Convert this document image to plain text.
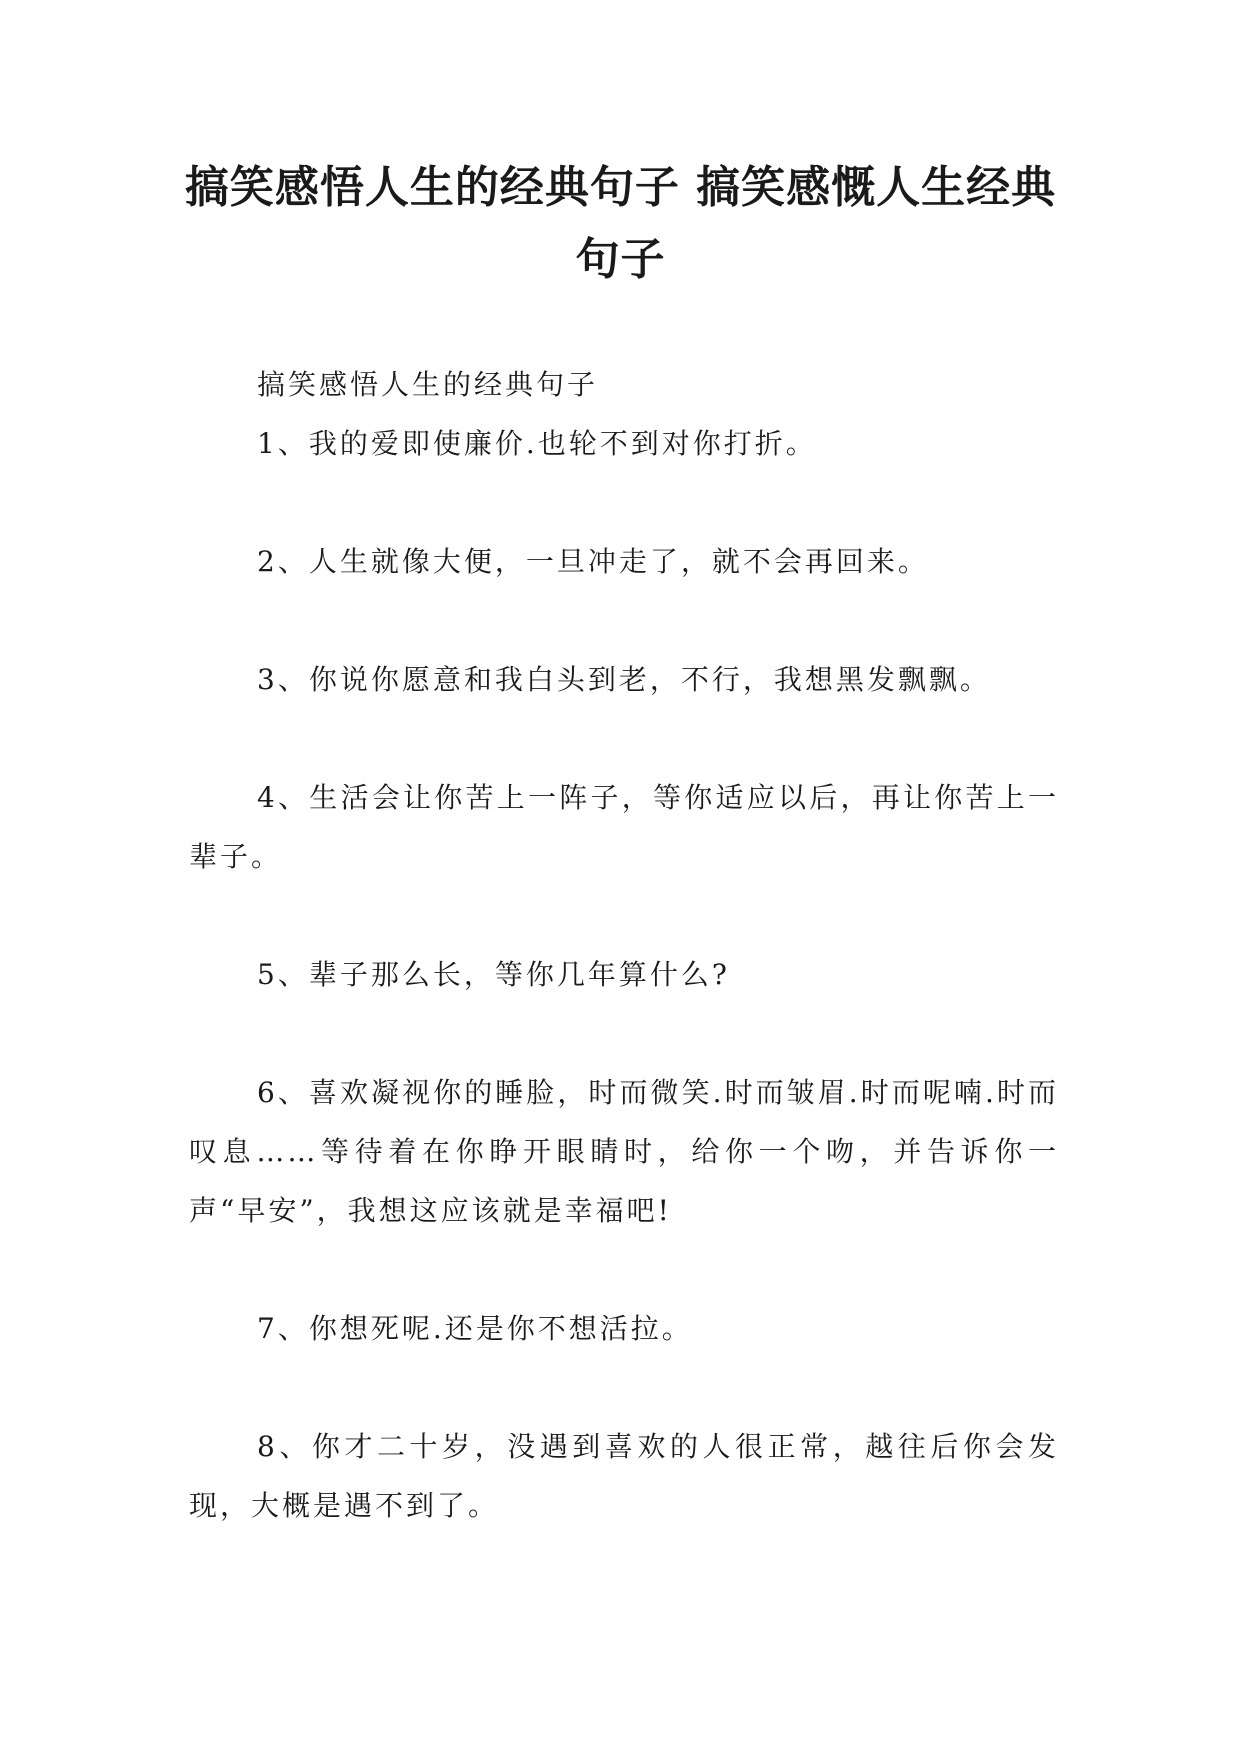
搞笑感悟人生的经典句子 搞笑感慨人生经典句子

搞笑感悟人生的经典句子

1、我的爱即使廉价.也轮不到对你打折。

2、人生就像大便，一旦冲走了，就不会再回来。

3、你说你愿意和我白头到老，不行，我想黑发飘飘。

4、生活会让你苦上一阵子，等你适应以后，再让你苦上一辈子。

5、辈子那么长，等你几年算什么?

6、喜欢凝视你的睡脸，时而微笑.时而皱眉.时而呢喃.时而叹息……等待着在你睁开眼睛时，给你一个吻，并告诉你一声“早安”，我想这应该就是幸福吧!

7、你想死呢.还是你不想活拉。

8、你才二十岁，没遇到喜欢的人很正常，越往后你会发现，大概是遇不到了。
